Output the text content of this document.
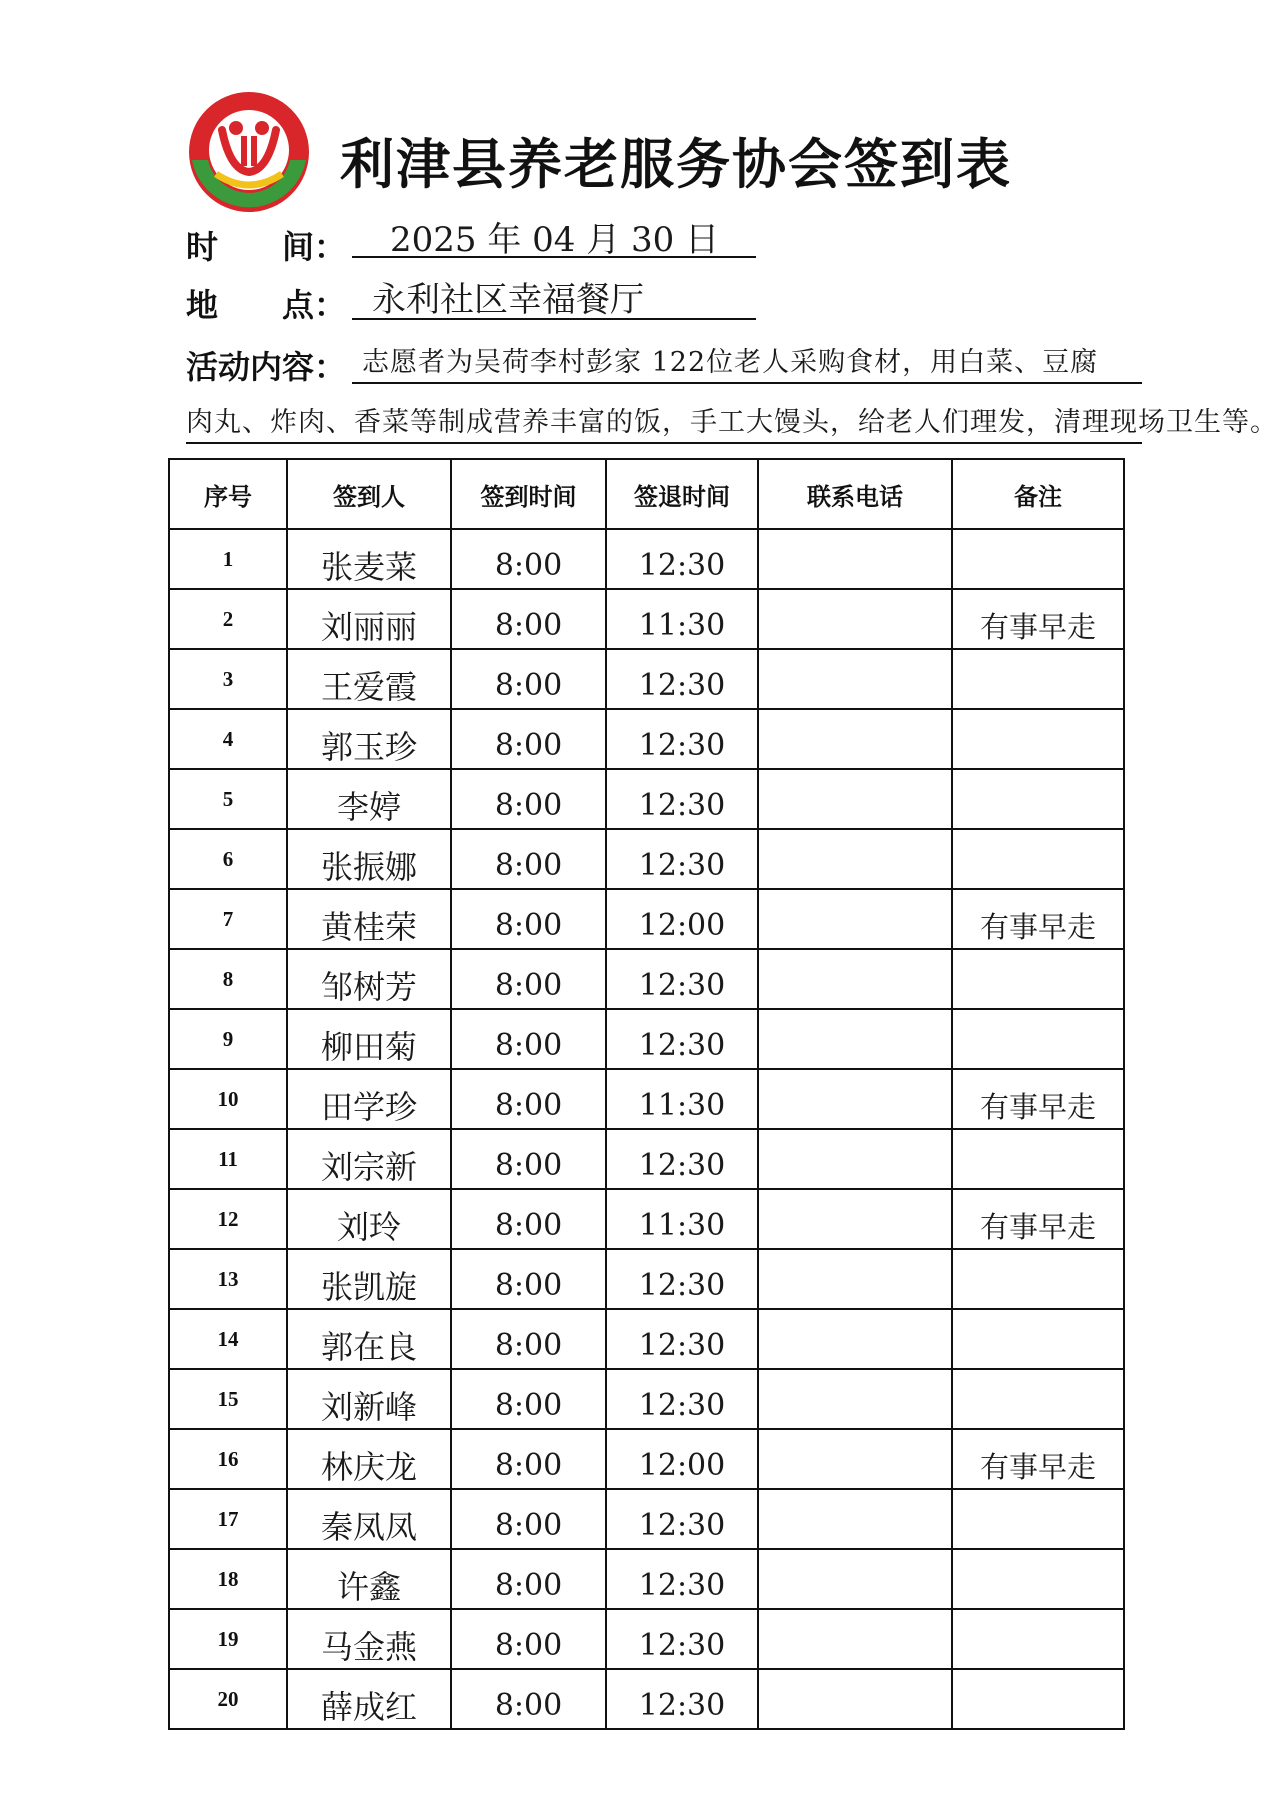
利津县养老服务协会签到表
时　　间： 2025 年 04 月 30 日
地　　点： 永利社区幸福餐厅
活动内容： 志愿者为吴荷李村彭家 122位老人采购食材，用白菜、豆腐
肉丸、炸肉、香菜等制成营养丰富的饭，手工大馒头，给老人们理发，清理现场卫生等。
序号	签到人	签到时间	签退时间	联系电话	备注
1	张麦菜	8:00	12:30		
2	刘丽丽	8:00	11:30		有事早走
3	王爱霞	8:00	12:30		
4	郭玉珍	8:00	12:30		
5	李婷	8:00	12:30		
6	张振娜	8:00	12:30		
7	黄桂荣	8:00	12:00		有事早走
8	邹树芳	8:00	12:30		
9	柳田菊	8:00	12:30		
10	田学珍	8:00	11:30		有事早走
11	刘宗新	8:00	12:30		
12	刘玲	8:00	11:30		有事早走
13	张凯旋	8:00	12:30		
14	郭在良	8:00	12:30		
15	刘新峰	8:00	12:30		
16	林庆龙	8:00	12:00		有事早走
17	秦凤凤	8:00	12:30		
18	许鑫	8:00	12:30		
19	马金燕	8:00	12:30		
20	薛成红	8:00	12:30		
